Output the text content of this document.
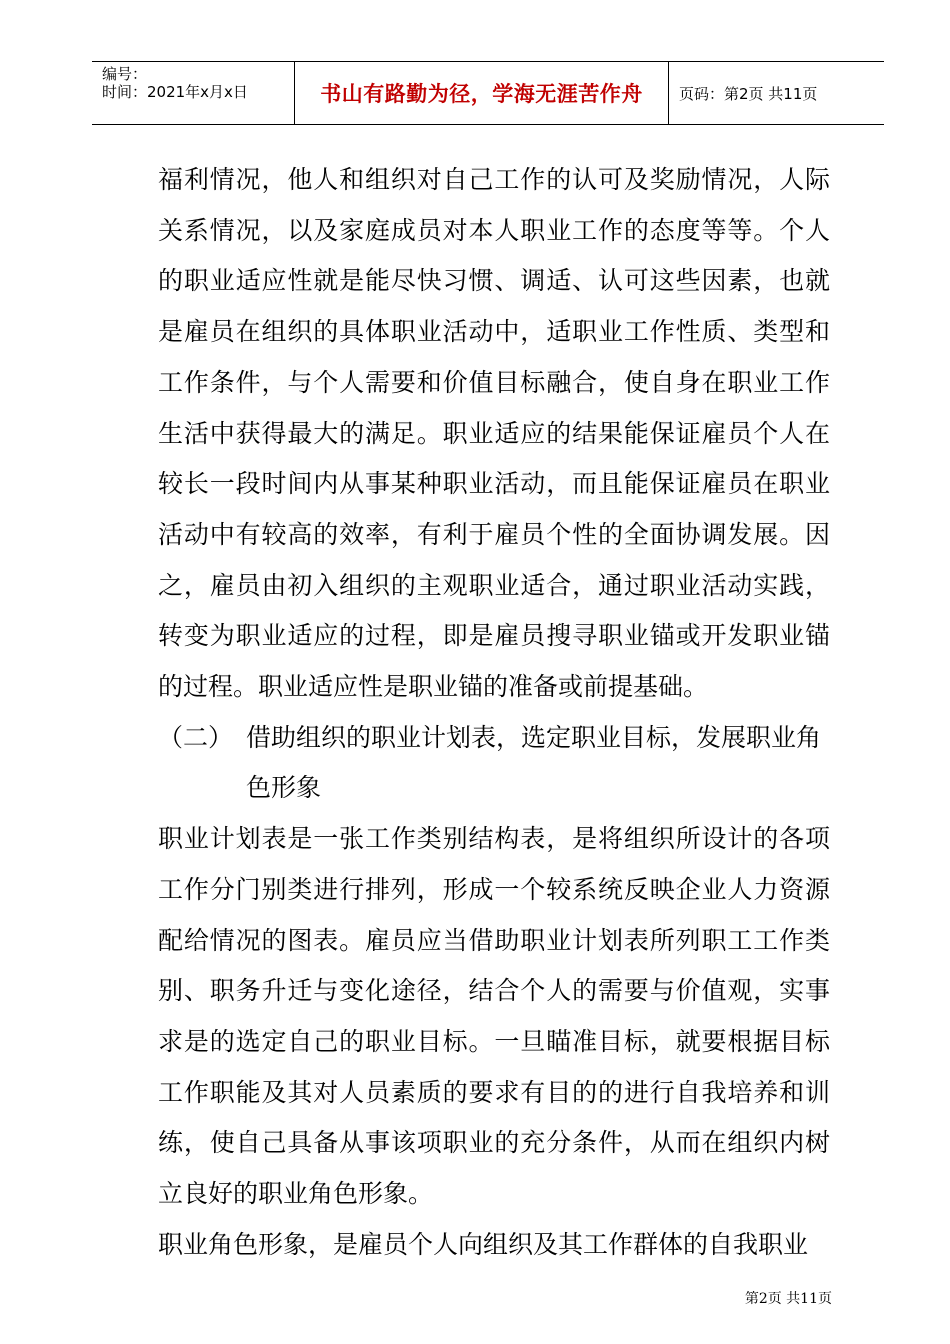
编号：
时间：2021年x月x日	书山有路勤为径，学海无涯苦作舟	页码：第2页 共11页

福利情况，他人和组织对自己工作的认可及奖励情况，人际关系情况，以及家庭成员对本人职业工作的态度等等。个人的职业适应性就是能尽快习惯、调适、认可这些因素，也就是雇员在组织的具体职业活动中，适职业工作性质、类型和工作条件，与个人需要和价值目标融合，使自身在职业工作生活中获得最大的满足。职业适应的结果能保证雇员个人在较长一段时间内从事某种职业活动，而且能保证雇员在职业活动中有较高的效率，有利于雇员个性的全面协调发展。因之，雇员由初入组织的主观职业适合，通过职业活动实践，转变为职业适应的过程，即是雇员搜寻职业锚或开发职业锚的过程。职业适应性是职业锚的准备或前提基础。

（二） 借助组织的职业计划表，选定职业目标，发展职业角色形象

职业计划表是一张工作类别结构表，是将组织所设计的各项工作分门别类进行排列，形成一个较系统反映企业人力资源配给情况的图表。雇员应当借助职业计划表所列职工工作类别、职务升迁与变化途径，结合个人的需要与价值观，实事求是的选定自己的职业目标。一旦瞄准目标，就要根据目标工作职能及其对人员素质的要求有目的的进行自我培养和训练，使自己具备从事该项职业的充分条件，从而在组织内树立良好的职业角色形象。

职业角色形象，是雇员个人向组织及其工作群体的自我职业

第2页 共11页
